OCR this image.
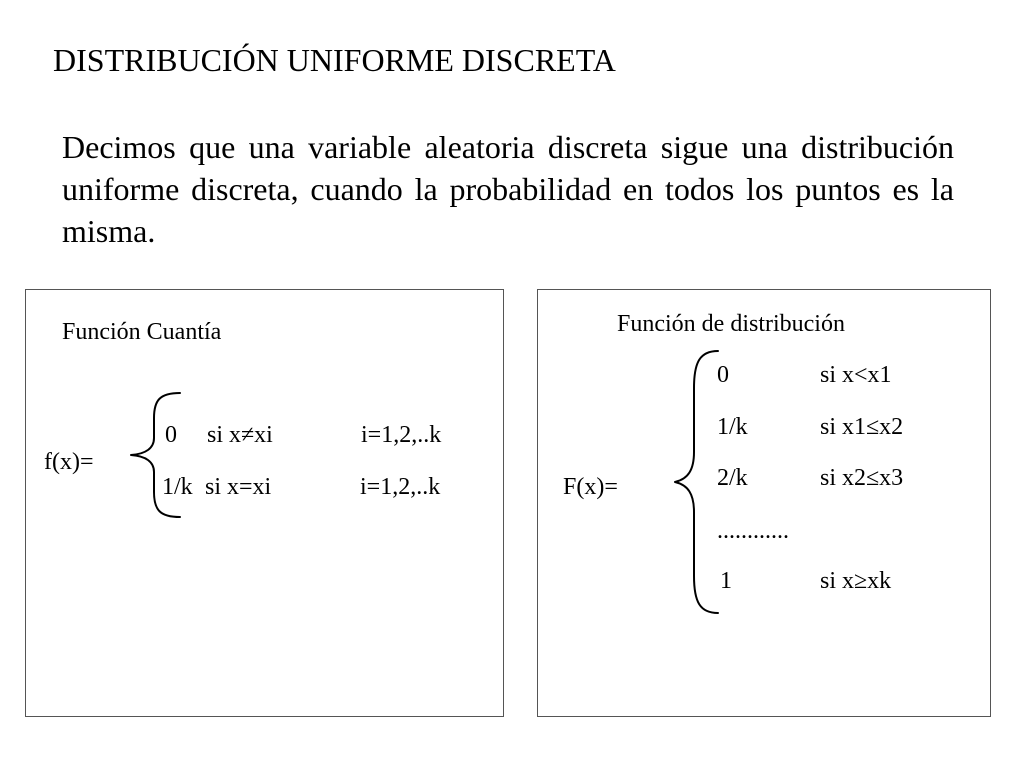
DISTRIBUCIÓN UNIFORME DISCRETA
Decimos que una variable aleatoria discreta sigue una distribución uniforme discreta, cuando la probabilidad en todos los puntos es la misma.
Función Cuantía
f(x)=
0 si x≠xi	i=1,2,..k
1/k si x=xi	i=1,2,..k
Función de distribución
F(x)=
0	si x<x1
1/k	si x1≤x2
2/k	si x2≤x3
............
1	si x≥xk
